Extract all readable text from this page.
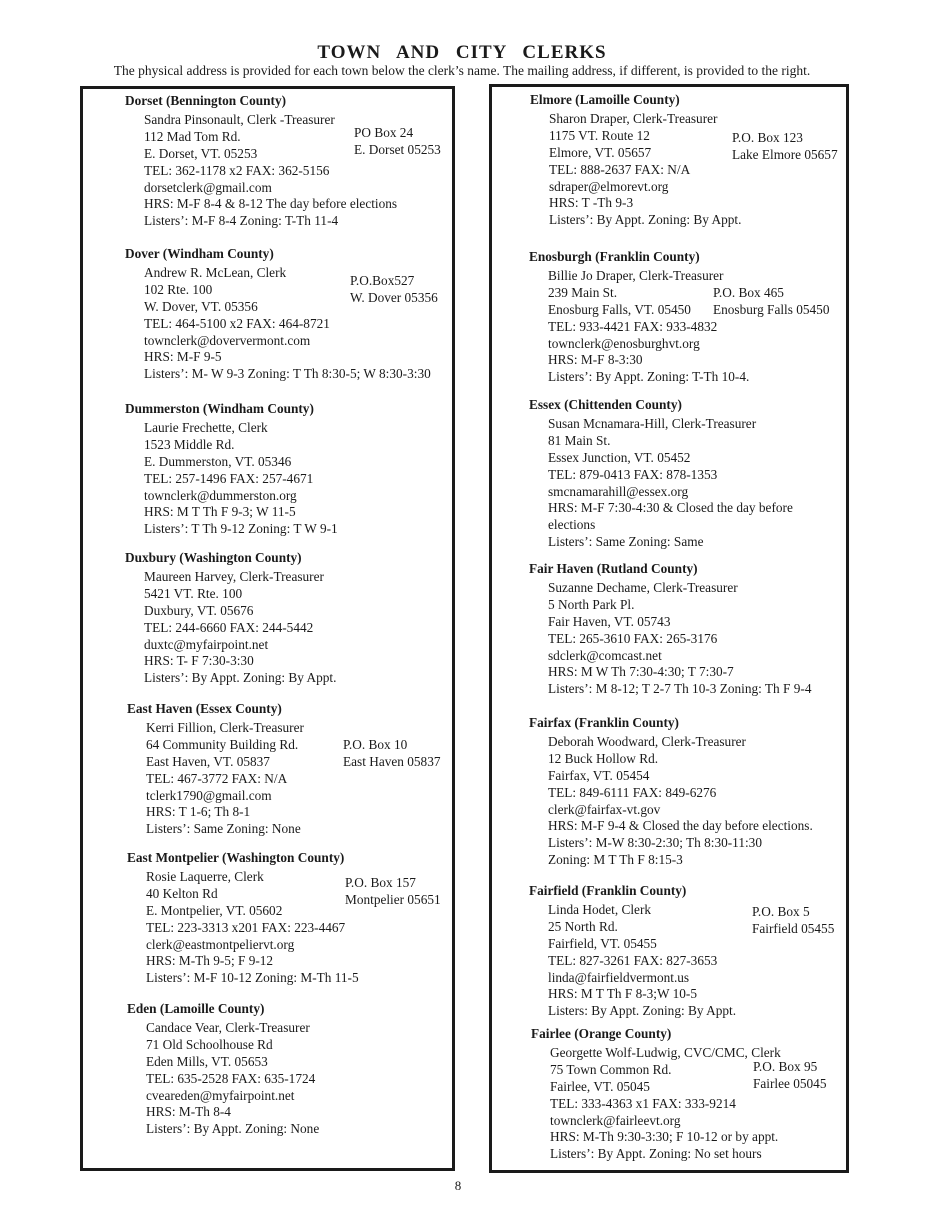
TOWN AND CITY CLERKS
The physical address is provided for each town below the clerk’s name. The mailing address, if different, is provided to the right.
Dorset (Bennington County)
Sandra Pinsonault, Clerk -Treasurer
112 Mad Tom Rd.
E. Dorset, VT. 05253
TEL: 362-1178 x2 FAX: 362-5156
dorsetclerk@gmail.com
HRS: M-F 8-4 & 8-12 The day before elections
Listers’: M-F 8-4 Zoning: T-Th 11-4
PO Box 24
E. Dorset 05253
Dover (Windham County)
Andrew R. McLean, Clerk
102 Rte. 100
W. Dover, VT. 05356
TEL: 464-5100 x2 FAX: 464-8721
townclerk@doververmont.com
HRS: M-F 9-5
Listers’: M- W 9-3 Zoning: T Th 8:30-5; W 8:30-3:30
P.O.Box527
W. Dover 05356
Dummerston (Windham County)
Laurie Frechette, Clerk
1523 Middle Rd.
E. Dummerston, VT. 05346
TEL: 257-1496 FAX: 257-4671
townclerk@dummerston.org
HRS: M T Th F 9-3; W 11-5
Listers’: T Th 9-12 Zoning: T W 9-1
Duxbury (Washington County)
Maureen Harvey, Clerk-Treasurer
5421 VT. Rte. 100
Duxbury, VT. 05676
TEL: 244-6660 FAX: 244-5442
duxtc@myfairpoint.net
HRS: T- F 7:30-3:30
Listers’: By Appt. Zoning: By Appt.
East Haven (Essex County)
Kerri Fillion, Clerk-Treasurer
64 Community Building Rd.
East Haven, VT. 05837
TEL: 467-3772 FAX: N/A
tclerk1790@gmail.com
HRS: T 1-6; Th 8-1
Listers’: Same Zoning: None
P.O. Box 10
East Haven 05837
East Montpelier (Washington County)
Rosie Laquerre, Clerk
40 Kelton Rd
E. Montpelier, VT. 05602
TEL: 223-3313 x201 FAX: 223-4467
clerk@eastmontpeliervt.org
HRS: M-Th 9-5; F 9-12
Listers’: M-F 10-12 Zoning: M-Th 11-5
P.O. Box 157
Montpelier 05651
Eden (Lamoille County)
Candace Vear, Clerk-Treasurer
71 Old Schoolhouse Rd
Eden Mills, VT. 05653
TEL: 635-2528 FAX: 635-1724
cveareden@myfairpoint.net
HRS: M-Th 8-4
Listers’: By Appt. Zoning: None
Elmore (Lamoille County)
Sharon Draper, Clerk-Treasurer
1175 VT. Route 12
Elmore, VT. 05657
TEL: 888-2637 FAX: N/A
sdraper@elmorevt.org
HRS: T -Th 9-3
Listers’: By Appt. Zoning: By Appt.
P.O. Box 123
Lake Elmore 05657
Enosburgh (Franklin County)
Billie Jo Draper, Clerk-Treasurer
239 Main St.
Enosburg Falls, VT. 05450
TEL: 933-4421 FAX: 933-4832
townclerk@enosburghvt.org
HRS: M-F 8-3:30
Listers’: By Appt. Zoning: T-Th 10-4.
P.O. Box 465
Enosburg Falls 05450
Essex (Chittenden County)
Susan Mcnamara-Hill, Clerk-Treasurer
81 Main St.
Essex Junction, VT. 05452
TEL: 879-0413 FAX: 878-1353
smcnamarahill@essex.org
HRS: M-F 7:30-4:30 & Closed the day before
elections
Listers’: Same Zoning: Same
Fair Haven (Rutland County)
Suzanne Dechame, Clerk-Treasurer
5 North Park Pl.
Fair Haven, VT. 05743
TEL: 265-3610 FAX: 265-3176
sdclerk@comcast.net
HRS: M W Th 7:30-4:30; T 7:30-7
Listers’: M 8-12; T 2-7 Th 10-3 Zoning: Th F 9-4
Fairfax (Franklin County)
Deborah Woodward, Clerk-Treasurer
12 Buck Hollow Rd.
Fairfax, VT. 05454
TEL: 849-6111 FAX: 849-6276
clerk@fairfax-vt.gov
HRS: M-F 9-4 & Closed the day before elections.
Listers’: M-W 8:30-2:30; Th 8:30-11:30
Zoning: M T Th F 8:15-3
Fairfield (Franklin County)
Linda Hodet, Clerk
25 North Rd.
Fairfield, VT. 05455
TEL: 827-3261 FAX: 827-3653
linda@fairfieldvermont.us
HRS: M T Th F 8-3;W 10-5
Listers: By Appt. Zoning: By Appt.
P.O. Box 5
Fairfield 05455
Fairlee (Orange County)
Georgette Wolf-Ludwig, CVC/CMC, Clerk
75 Town Common Rd.
Fairlee, VT. 05045
TEL: 333-4363 x1 FAX: 333-9214
townclerk@fairleevt.org
HRS: M-Th 9:30-3:30; F 10-12 or by appt.
Listers’: By Appt. Zoning: No set hours
P.O. Box 95
Fairlee 05045
8
